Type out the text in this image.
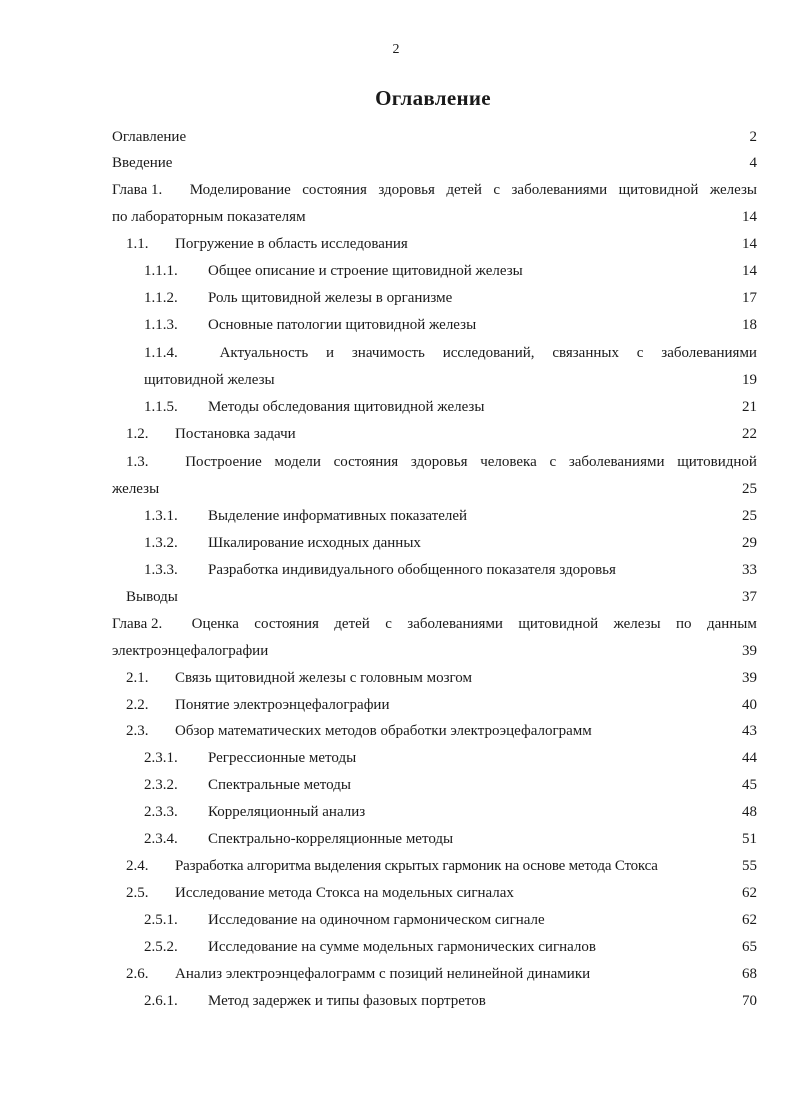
2
Оглавление
Оглавление	2
Введение	4
Глава 1. Моделирование состояния здоровья детей с заболеваниями щитовидной железы
по лабораторным показателям	14
1.1.	Погружение в область исследования	14
1.1.1.	Общее описание и строение щитовидной железы	14
1.1.2.	Роль щитовидной железы в организме	17
1.1.3.	Основные патологии щитовидной железы	18
1.1.4.	Актуальность и значимость исследований, связанных с заболеваниями
щитовидной железы	19
1.1.5.	Методы обследования щитовидной железы	21
1.2.	Постановка задачи	22
1.3. Построение модели состояния здоровья человека с заболеваниями щитовидной
железы	25
1.3.1.	Выделение информативных показателей	25
1.3.2.	Шкалирование исходных данных	29
1.3.3.	Разработка индивидуального обобщенного показателя здоровья	33
Выводы	37
Глава 2. Оценка состояния детей с заболеваниями щитовидной железы по данным
электроэнцефалографии	39
2.1.	Связь щитовидной железы с головным мозгом	39
2.2.	Понятие электроэнцефалографии	40
2.3.	Обзор математических методов обработки электроэцефалограмм	43
2.3.1.	Регрессионные методы	44
2.3.2.	Спектральные методы	45
2.3.3.	Корреляционный анализ	48
2.3.4.	Спектрально-корреляционные методы	51
2.4.	Разработка алгоритма выделения скрытых гармоник на основе метода Стокса	55
2.5.	Исследование метода Стокса на модельных сигналах	62
2.5.1.	Исследование на одиночном гармоническом сигнале	62
2.5.2.	Исследование на сумме модельных гармонических сигналов	65
2.6.	Анализ электроэнцефалограмм с позиций нелинейной динамики	68
2.6.1.	Метод задержек и типы фазовых портретов	70
